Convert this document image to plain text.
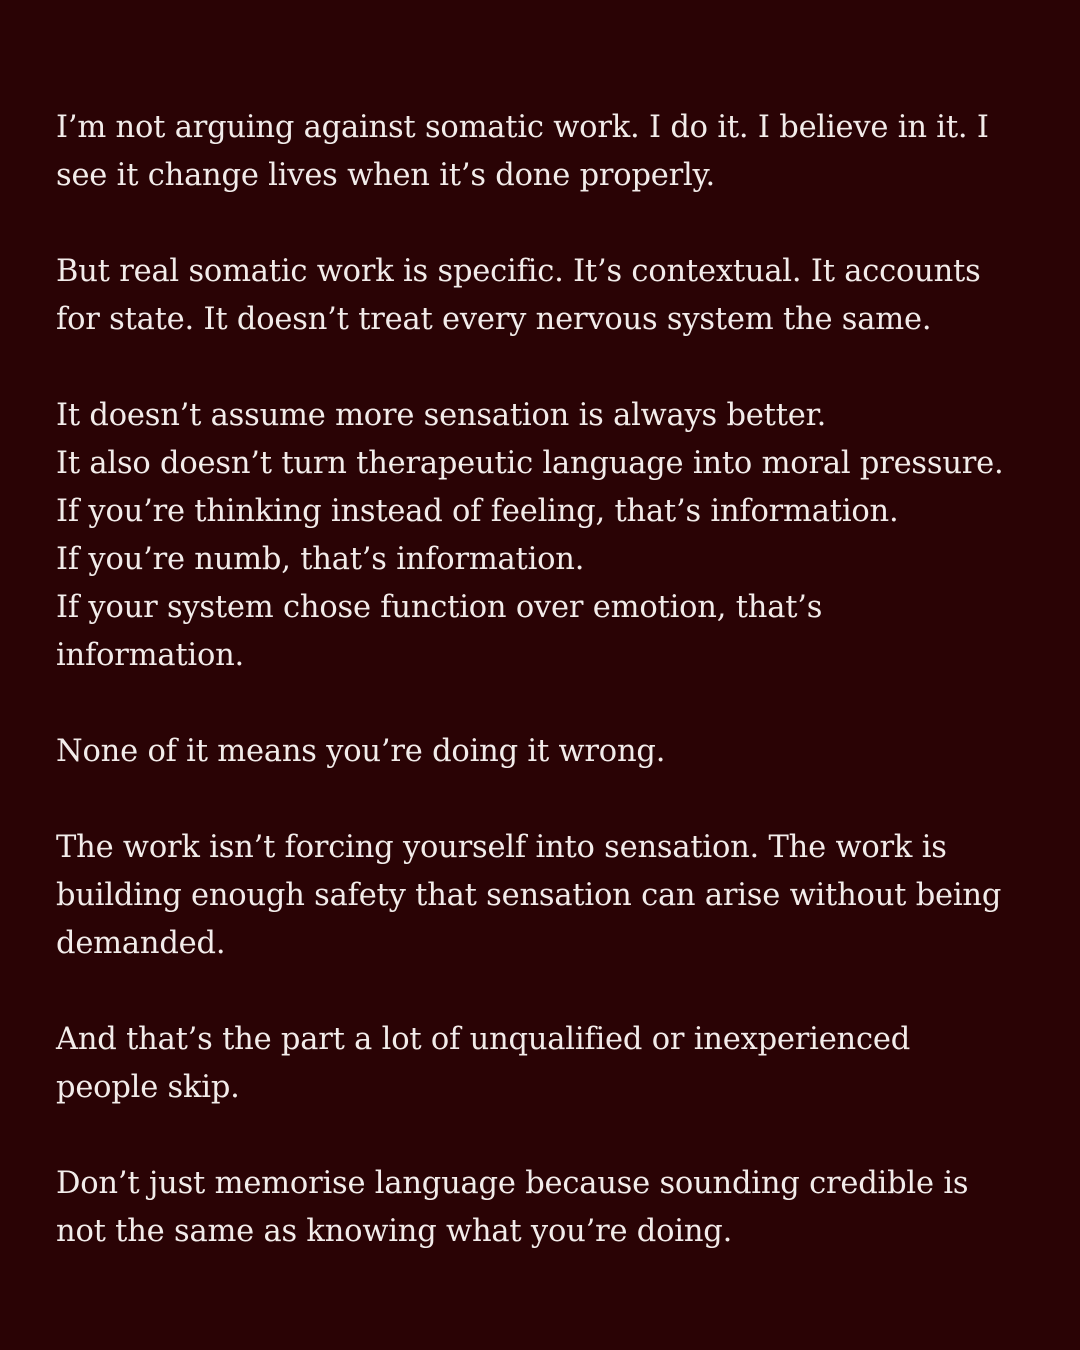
I’m not arguing against somatic work. I do it. I believe in it. I
see it change lives when it’s done properly.

But real somatic work is specific. It’s contextual. It accounts
for state. It doesn’t treat every nervous system the same.

It doesn’t assume more sensation is always better.
It also doesn’t turn therapeutic language into moral pressure.
If you’re thinking instead of feeling, that’s information.
If you’re numb, that’s information.
If your system chose function over emotion, that’s
information.

None of it means you’re doing it wrong.

The work isn’t forcing yourself into sensation. The work is
building enough safety that sensation can arise without being
demanded.

And that’s the part a lot of unqualified or inexperienced
people skip.

Don’t just memorise language because sounding credible is
not the same as knowing what you’re doing.
